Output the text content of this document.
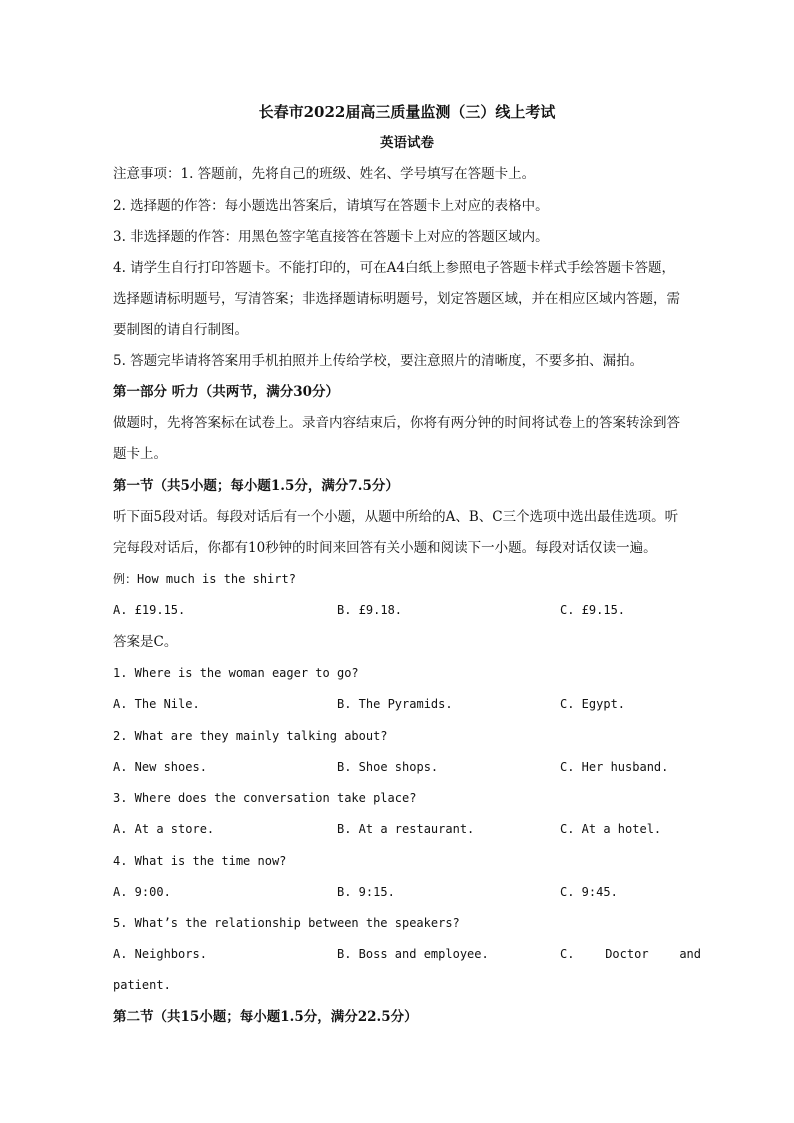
长春市2022届高三质量监测（三）线上考试
英语试卷
注意事项：1. 答题前，先将自己的班级、姓名、学号填写在答题卡上。
2. 选择题的作答：每小题选出答案后，请填写在答题卡上对应的表格中。
3. 非选择题的作答：用黑色签字笔直接答在答题卡上对应的答题区域内。
4. 请学生自行打印答题卡。不能打印的，可在A4白纸上参照电子答题卡样式手绘答题卡答题，
选择题请标明题号，写清答案；非选择题请标明题号，划定答题区域，并在相应区域内答题，需
要制图的请自行制图。
5. 答题完毕请将答案用手机拍照并上传给学校，要注意照片的清晰度，不要多拍、漏拍。
第一部分 听力（共两节，满分30分）
做题时，先将答案标在试卷上。录音内容结束后，你将有两分钟的时间将试卷上的答案转涂到答
题卡上。
第一节（共5小题；每小题1.5分，满分7.5分）
听下面5段对话。每段对话后有一个小题，从题中所给的A、B、C三个选项中选出最佳选项。听
完每段对话后，你都有10秒钟的时间来回答有关小题和阅读下一小题。每段对话仅读一遍。
例：How much is the shirt?
A. £19.15.	B. £9.18.	C. £9.15.
答案是C。
1. Where is the woman eager to go?
A. The Nile.	B. The Pyramids.	C. Egypt.
2. What are they mainly talking about?
A. New shoes.	B. Shoe shops.	C. Her husband.
3. Where does the conversation take place?
A. At a store.	B. At a restaurant.	C. At a hotel.
4. What is the time now?
A. 9:00.	B. 9:15.	C. 9:45.
5. What’s the relationship between the speakers?
A. Neighbors.	B. Boss and employee.	C.	Doctor	and
patient.
第二节（共15小题；每小题1.5分，满分22.5分）
